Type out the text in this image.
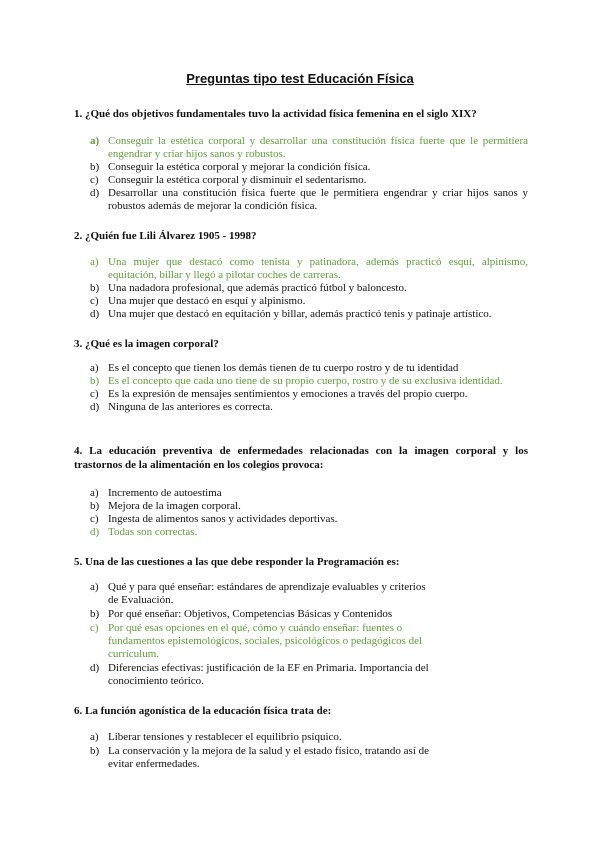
Preguntas tipo test Educación Física
1. ¿Qué dos objetivos fundamentales tuvo la actividad física femenina en el siglo XIX?
a) Conseguir la estética corporal y desarrollar una constitución física fuerte que le permitiera engendrar y criar hijos sanos y robustos.
b) Conseguir la estética corporal y mejorar la condición física.
c) Conseguir la estética corporal y disminuir el sedentarismo.
d) Desarrollar una constitución física fuerte que le permitiera engendrar y criar hijos sanos y robustos además de mejorar la condición física.
2. ¿Quién fue Lili Álvarez 1905 - 1998?
a) Una mujer que destacó como tenista y patinadora, además practicó esquí, alpinismo, equitación, billar y llegó a pilotar coches de carreras.
b) Una nadadora profesional, que además practicó fútbol y baloncesto.
c) Una mujer que destacó en esquí y alpinismo.
d) Una mujer que destacó en equitación y billar, además practicó tenis y patinaje artístico.
3. ¿Qué es la imagen corporal?
a) Es el concepto que tienen los demás tienen de tu cuerpo rostro y de tu identidad
b) Es el concepto que cada uno tiene de su propio cuerpo, rostro y de su exclusiva identidad.
c) Es la expresión de mensajes sentimientos y emociones a través del propio cuerpo.
d) Ninguna de las anteriores es correcta.
4. La educación preventiva de enfermedades relacionadas con la imagen corporal y los trastornos de la alimentación en los colegios provoca:
a) Incremento de autoestima
b) Mejora de la imagen corporal.
c) Ingesta de alimentos sanos y actividades deportivas.
d) Todas son correctas.
5. Una de las cuestiones a las que debe responder la Programación es:
a) Qué y para qué enseñar: estándares de aprendizaje evaluables y criterios de Evaluación.
b) Por qué enseñar: Objetivos, Competencias Básicas y Contenidos
c) Por qué esas opciones en el qué, cómo y cuándo enseñar: fuentes o fundamentos epistemológicos, sociales, psicológicos o pedagógicos del currículum.
d) Diferencias efectivas: justificación de la EF en Primaria. Importancia del conocimiento teórico.
6. La función agonística de la educación física trata de:
a) Liberar tensiones y restablecer el equilibrio psíquico.
b) La conservación y la mejora de la salud y el estado físico, tratando así de evitar enfermedades.
